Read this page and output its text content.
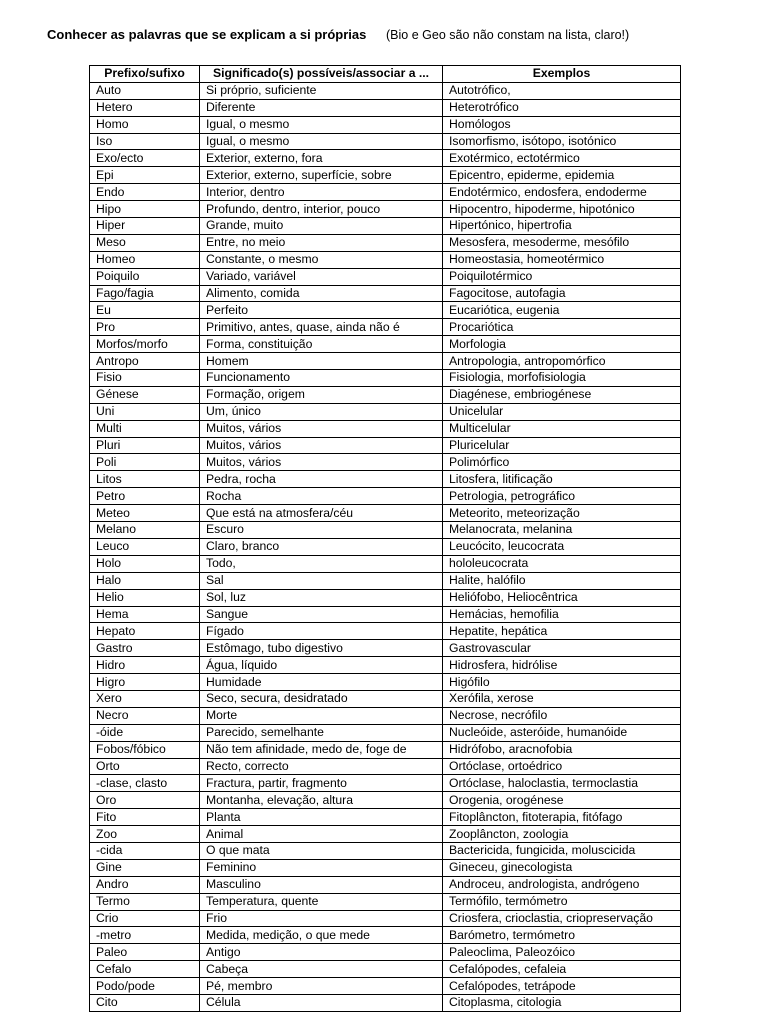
Conhecer as palavras que se explicam a si próprias (Bio e Geo são não constam na lista, claro!)
Prefixo/sufixo	Significado(s) possíveis/associar a ...	Exemplos
Auto	Si próprio, suficiente	Autotrófico,
Hetero	Diferente	Heterotrófico
Homo	Igual, o mesmo	Homólogos
Iso	Igual, o mesmo	Isomorfismo, isótopo, isotónico
Exo/ecto	Exterior, externo, fora	Exotérmico, ectotérmico
Epi	Exterior, externo, superfície, sobre	Epicentro, epiderme, epidemia
Endo	Interior, dentro	Endotérmico, endosfera, endoderme
Hipo	Profundo, dentro, interior, pouco	Hipocentro, hipoderme, hipotónico
Hiper	Grande, muito	Hipertónico, hipertrofia
Meso	Entre, no meio	Mesosfera, mesoderme, mesófilo
Homeo	Constante, o mesmo	Homeostasia, homeotérmico
Poiquilo	Variado, variável	Poiquilotérmico
Fago/fagia	Alimento, comida	Fagocitose, autofagia
Eu	Perfeito	Eucariótica, eugenia
Pro	Primitivo, antes, quase, ainda não é	Procariótica
Morfos/morfo	Forma, constituição	Morfologia
Antropo	Homem	Antropologia, antropomórfico
Fisio	Funcionamento	Fisiologia, morfofisiologia
Génese	Formação, origem	Diagénese, embriogénese
Uni	Um, único	Unicelular
Multi	Muitos, vários	Multicelular
Pluri	Muitos, vários	Pluricelular
Poli	Muitos, vários	Polimórfico
Litos	Pedra, rocha	Litosfera, litificação
Petro	Rocha	Petrologia, petrográfico
Meteo	Que está na atmosfera/céu	Meteorito, meteorização
Melano	Escuro	Melanocrata, melanina
Leuco	Claro, branco	Leucócito, leucocrata
Holo	Todo,	hololeucocrata
Halo	Sal	Halite, halófilo
Helio	Sol, luz	Heliófobo, Heliocêntrica
Hema	Sangue	Hemácias, hemofilia
Hepato	Fígado	Hepatite, hepática
Gastro	Estômago, tubo digestivo	Gastrovascular
Hidro	Água, líquido	Hidrosfera, hidrólise
Higro	Humidade	Higófilo
Xero	Seco, secura, desidratado	Xerófila, xerose
Necro	Morte	Necrose, necrófilo
-óide	Parecido, semelhante	Nucleóide, asteróide, humanóide
Fobos/fóbico	Não tem afinidade, medo de, foge de	Hidrófobo, aracnofobia
Orto	Recto, correcto	Ortóclase, ortoédrico
-clase, clasto	Fractura, partir, fragmento	Ortóclase, haloclastia, termoclastia
Oro	Montanha, elevação, altura	Orogenia, orogénese
Fito	Planta	Fitoplâncton, fitoterapia, fitófago
Zoo	Animal	Zooplâncton, zoologia
-cida	O que mata	Bactericida, fungicida, moluscicida
Gine	Feminino	Gineceu, ginecologista
Andro	Masculino	Androceu, andrologista, andrógeno
Termo	Temperatura, quente	Termófilo, termómetro
Crio	Frio	Criosfera, crioclastia, criopreservação
-metro	Medida, medição, o que mede	Barómetro, termómetro
Paleo	Antigo	Paleoclima, Paleozóico
Cefalo	Cabeça	Cefalópodes, cefaleia
Podo/pode	Pé, membro	Cefalópodes, tetrápode
Cito	Célula	Citoplasma, citologia
